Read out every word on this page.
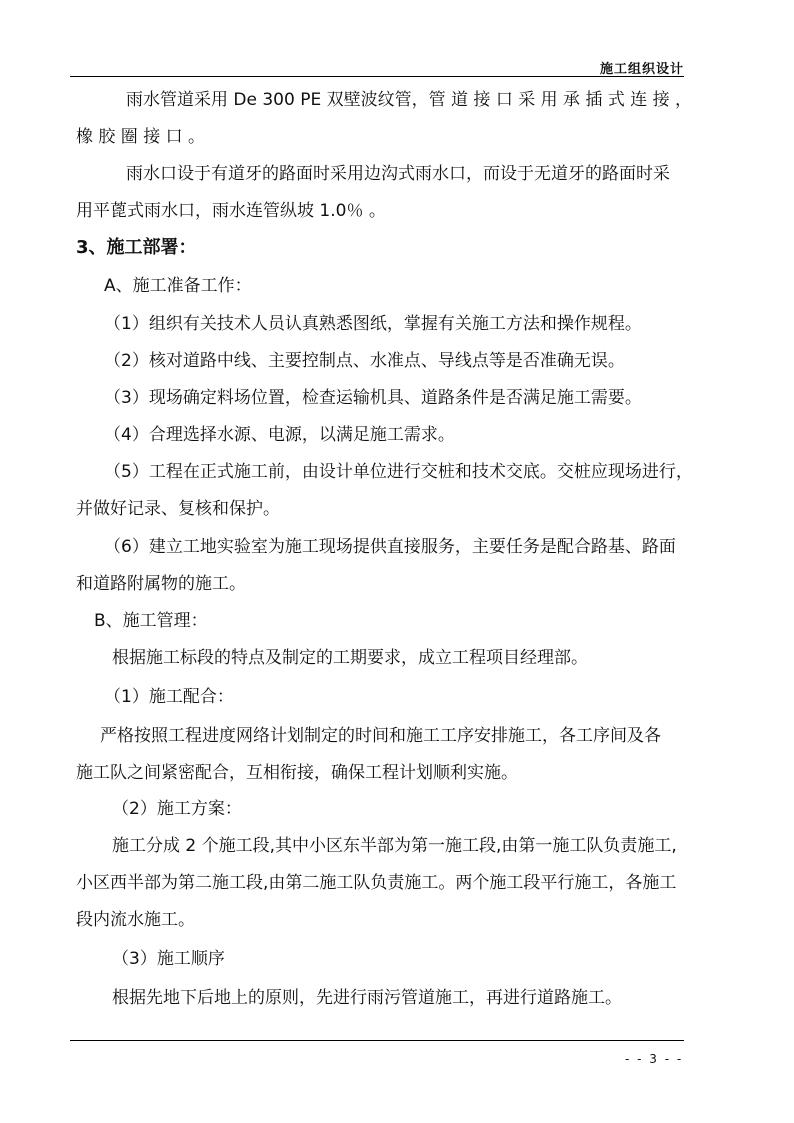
施工组织设计
雨水管道采用 De 300 PE 双壁波纹管，管 道 接 口 采 用 承 插 式 连 接 ，
橡 胶 圈 接 口 。
雨水口设于有道牙的路面时采用边沟式雨水口，而设于无道牙的路面时采
用平蓖式雨水口，雨水连管纵坡 1.0％ 。
3、施工部署：
A、施工准备工作：
（1）组织有关技术人员认真熟悉图纸，掌握有关施工方法和操作规程。
（2）核对道路中线、主要控制点、水准点、导线点等是否准确无误。
（3）现场确定料场位置，检查运输机具、道路条件是否满足施工需要。
（4）合理选择水源、电源，以满足施工需求。
（5）工程在正式施工前，由设计单位进行交桩和技术交底。交桩应现场进行，
并做好记录、复核和保护。
（6）建立工地实验室为施工现场提供直接服务，主要任务是配合路基、路面
和道路附属物的施工。
B、施工管理：
根据施工标段的特点及制定的工期要求，成立工程项目经理部。
（1）施工配合：
严格按照工程进度网络计划制定的时间和施工工序安排施工，各工序间及各
施工队之间紧密配合，互相衔接，确保工程计划顺利实施。
（2）施工方案：
施工分成 2 个施工段,其中小区东半部为第一施工段,由第一施工队负责施工,
小区西半部为第二施工段,由第二施工队负责施工。两个施工段平行施工，各施工
段内流水施工。
（3）施工顺序
根据先地下后地上的原则，先进行雨污管道施工，再进行道路施工。
- - 3 - -
